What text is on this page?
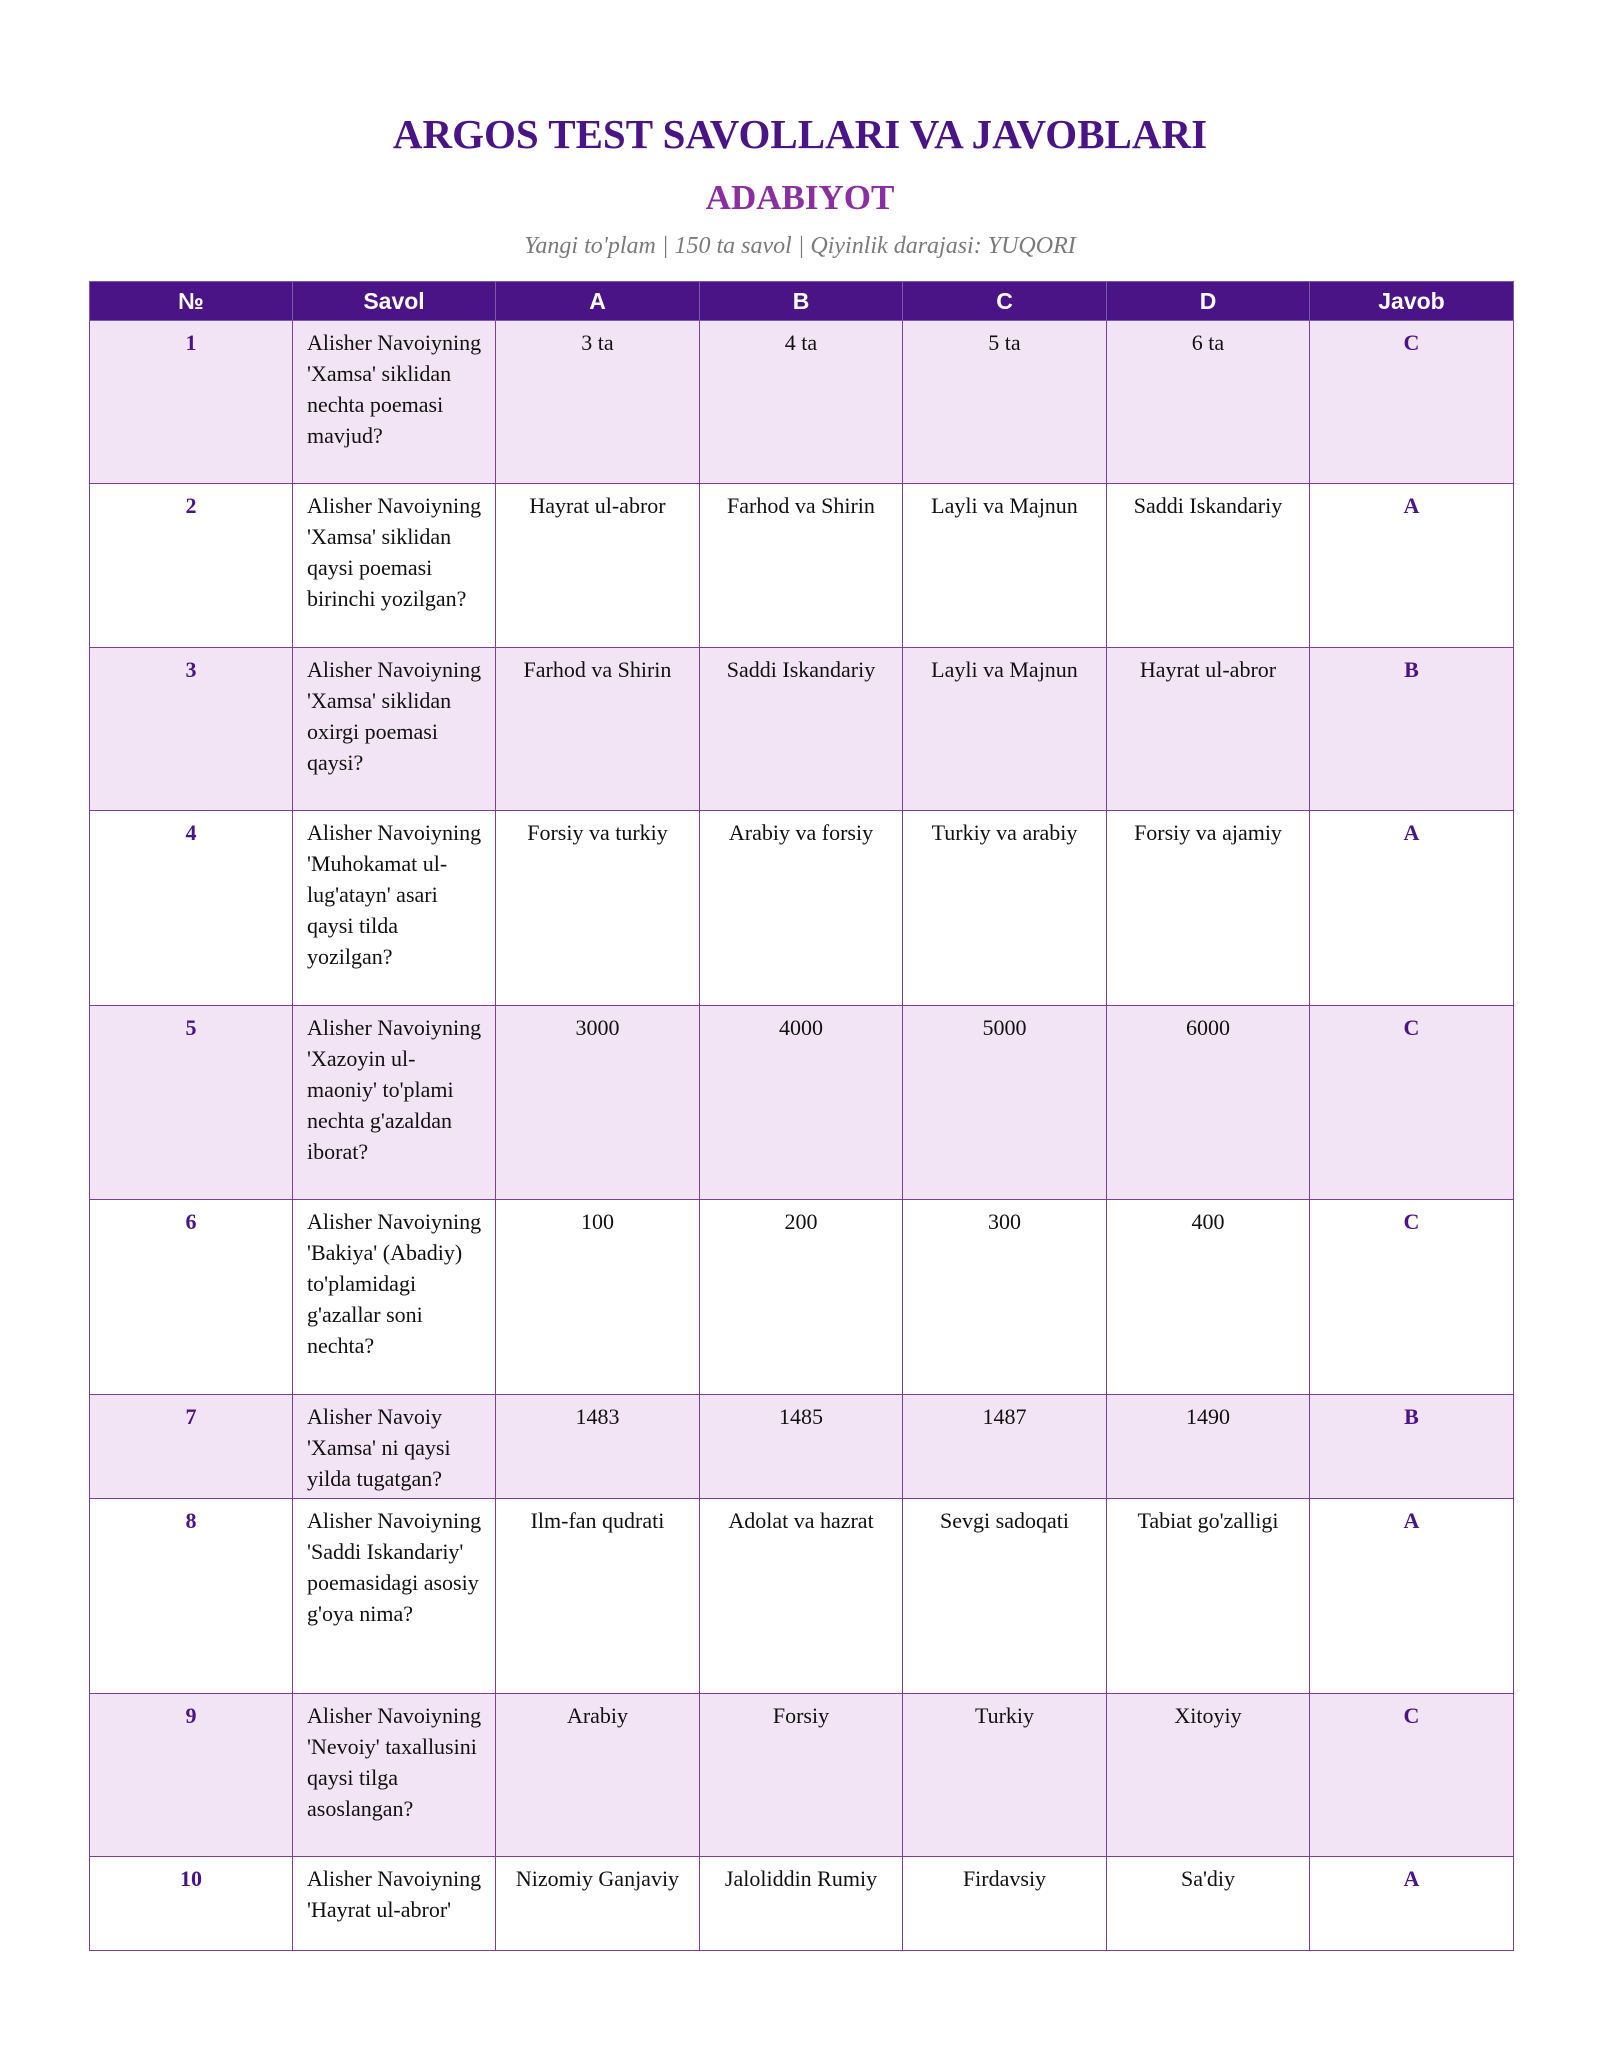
ARGOS TEST SAVOLLARI VA JAVOBLARI
ADABIYOT

Yangi to'plam | 150 ta savol | Qiyinlik darajasi: YUQORI

№	Savol	A	B	C	D	Javob
1	Alisher Navoiyning 'Xamsa' siklidan nechta poemasi mavjud?	3 ta	4 ta	5 ta	6 ta	C
2	Alisher Navoiyning 'Xamsa' siklidan qaysi poemasi birinchi yozilgan?	Hayrat ul-abror	Farhod va Shirin	Layli va Majnun	Saddi Iskandariy	A
3	Alisher Navoiyning 'Xamsa' siklidan oxirgi poemasi qaysi?	Farhod va Shirin	Saddi Iskandariy	Layli va Majnun	Hayrat ul-abror	B
4	Alisher Navoiyning 'Muhokamat ul-lug'atayn' asari qaysi tilda yozilgan?	Forsiy va turkiy	Arabiy va forsiy	Turkiy va arabiy	Forsiy va ajamiy	A
5	Alisher Navoiyning 'Xazoyin ul-maoniy' to'plami nechta g'azaldan iborat?	3000	4000	5000	6000	C
6	Alisher Navoiyning 'Bakiya' (Abadiy) to'plamidagi g'azallar soni nechta?	100	200	300	400	C
7	Alisher Navoiy 'Xamsa' ni qaysi yilda tugatgan?	1483	1485	1487	1490	B
8	Alisher Navoiyning 'Saddi Iskandariy' poemasidagi asosiy g'oya nima?	Ilm-fan qudrati	Adolat va hazrat	Sevgi sadoqati	Tabiat go'zalligi	A
9	Alisher Navoiyning 'Nevoiy' taxallusini qaysi tilga asoslangan?	Arabiy	Forsiy	Turkiy	Xitoyiy	C
10	Alisher Navoiyning 'Hayrat ul-abror'	Nizomiy Ganjaviy	Jaloliddin Rumiy	Firdavsiy	Sa'diy	A
